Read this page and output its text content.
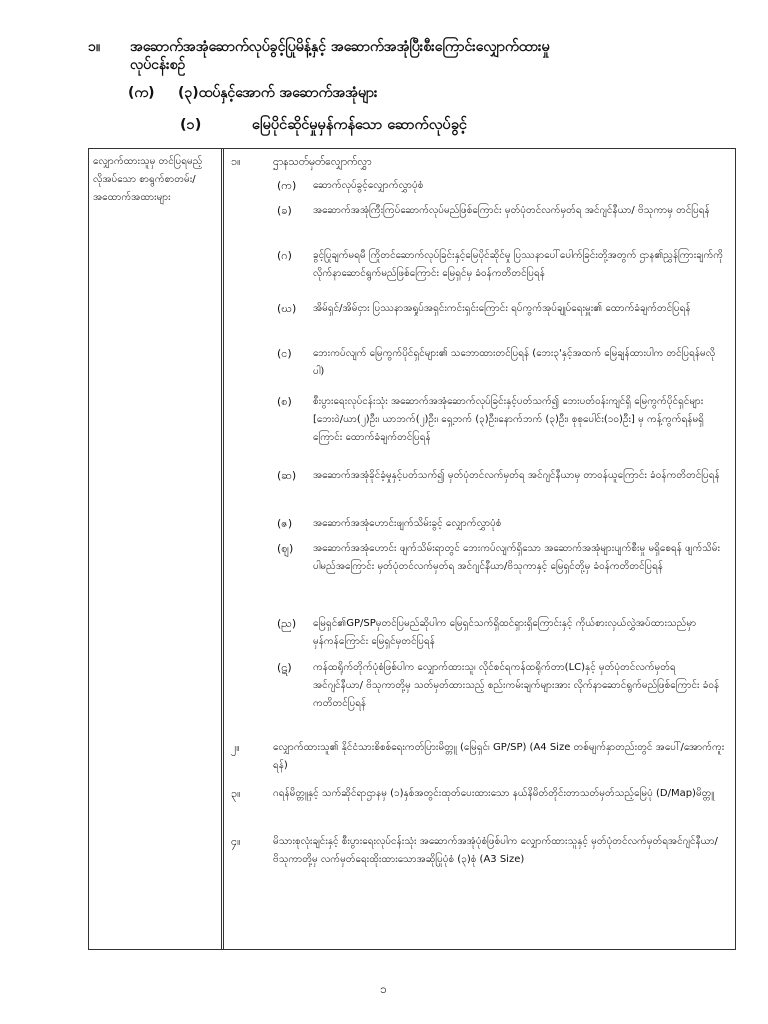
၁။ အဆောက်အအုံဆောက်လုပ်ခွင့်ပြုမိန့်နှင့် အဆောက်အအုံပြီးစီးကြောင်းလျှောက်ထားမှု
လုပ်ငန်းစဉ်
(က) (၃)ထပ်နှင့်အောက် အဆောက်အအုံများ
(၁)	မြေပိုင်ဆိုင်မှုမှန်ကန်သော ဆောက်လုပ်ခွင့်
လျှောက်ထားသူမှ တင်ပြရမည့် လိုအပ်သော စာရွက်စာတမ်း/အထောက်အထားများ
၁။	ဌာနသတ်မှတ်လျှောက်လွှာ
(က) ဆောက်လုပ်ခွင့်လျှောက်လွှာပုံစံ
(ခ) အဆောက်အအုံကြီးကြပ်ဆောက်လုပ်မည်ဖြစ်ကြောင်း မှတ်ပုံတင်လက်မှတ်ရ အင်ဂျင်နီယာ/ ဗိသုကာမှ တင်ပြရန်
(ဂ) ခွင့်ပြုချက်မရမီ ကြိုတင်ဆောက်လုပ်ခြင်းနှင့်မြေပိုင်ဆိုင်မှု ပြဿနာပေါ်ပေါက်ခြင်းတို့အတွက် ဌာန၏ညွှန်ကြားချက်ကိုလိုက်နာဆောင်ရွက်မည်ဖြစ်ကြောင်း မြေရှင်မှ ခံဝန်ကတိတင်ပြရန်
(ဃ) အိမ်ရှင်/အိမ်ငှား ပြဿနာအရှုပ်အရှင်းကင်းရှင်းကြောင်း ရပ်ကွက်အုပ်ချုပ်ရေးမှူး၏ ထောက်ခံချက်တင်ပြရန်
(င) ဘေးကပ်လျက် မြေကွက်ပိုင်ရှင်များ၏ သဘောထားတင်ပြရန် (ဘေး၃'နှင့်အထက် မြေချန်ထားပါက တင်ပြရန်မလိုပါ)
(စ) စီးပွားရေးလုပ်ငန်းသုံး အဆောက်အအုံဆောက်လုပ်ခြင်းနှင့်ပတ်သက်၍ ဘေးပတ်ဝန်းကျင်ရှိ မြေကွက်ပိုင်ရှင်များ [ဘေးဝဲ/ယာ(၂)ဦး၊ ယာဘက်(၂)ဦး၊ ရှေ့ဘက် (၃)ဦး၊နောက်ဘက် (၃)ဦး၊ စုစုပေါင်း(၁၀)ဦး] မှ ကန့်ကွက်ရန်မရှိကြောင်း ထောက်ခံချက်တင်ပြရန်
(ဆ) အဆောက်အအုံခိုင်ခံ့မှုနှင့်ပတ်သက်၍ မှတ်ပုံတင်လက်မှတ်ရ အင်ဂျင်နီယာမှ တာဝန်ယူကြောင်း ခံဝန်ကတိတင်ပြရန်
(ဇ) အဆောက်အအုံဟောင်းဖျက်သိမ်းခွင့် လျှောက်လွှာပုံစံ
(ဈ) အဆောက်အအုံဟောင်း ဖျက်သိမ်းရာတွင် ဘေးကပ်လျက်ရှိသော အဆောက်အအုံများပျက်စီးမှု မရှိစေရန် ဖျက်သိမ်းပါမည်အကြောင်း မှတ်ပုံတင်လက်မှတ်ရ အင်ဂျင်နီယာ/ဗိသုကာနှင့် မြေရှင်တို့မှ ခံဝန်ကတိတင်ပြရန်
(ည) မြေရှင်၏GP/SPမှတင်ပြမည်ဆိုပါက မြေရှင်သက်ရှိထင်ရှားရှိကြောင်းနှင့် ကိုယ်စားလှယ်လွှဲအပ်ထားသည်မှာ မှန်ကန်ကြောင်း မြေရှင်မှတင်ပြရန်
(ဋ) ကန်ထရိုက်တိုက်ပုံစံဖြစ်ပါက လျှောက်ထားသူ၊ လိုင်စင်ရကန်ထရိုက်တာ(LC)နှင့် မှတ်ပုံတင်လက်မှတ်ရအင်ဂျင်နီယာ/ ဗိသုကာတို့မှ သတ်မှတ်ထားသည့် စည်းကမ်းချက်များအား လိုက်နာဆောင်ရွက်မည်ဖြစ်ကြောင်း ခံဝန်ကတိတင်ပြရန်
၂။	လျှောက်ထားသူ၏ နိုင်ငံသားစိစစ်ရေးကတ်ပြားမိတ္တူ (မြေရှင်၊ GP/SP) (A4 Size တစ်မျက်နှာတည်းတွင် အပေါ်/အောက်ကူးရန်)
၃။	ဂရန်မိတ္တူနှင့် သက်ဆိုင်ရာဌာနမှ (၁)နှစ်အတွင်းထုတ်ပေးထားသော နယ်နိမိတ်တိုင်းတာသတ်မှတ်သည့်မြေပုံ (D/Map)မိတ္တူ
၄။	မိသားစုလုံးချင်းနှင့် စီးပွားရေးလုပ်ငန်းသုံး အဆောက်အအုံပုံစံဖြစ်ပါက လျှောက်ထားသူနှင့် မှတ်ပုံတင်လက်မှတ်ရအင်ဂျင်နီယာ/ဗိသုကာတို့မှ လက်မှတ်ရေးထိုးထားသောအဆိုပြုပုံစံ (၃)စုံ (A3 Size)
၁
